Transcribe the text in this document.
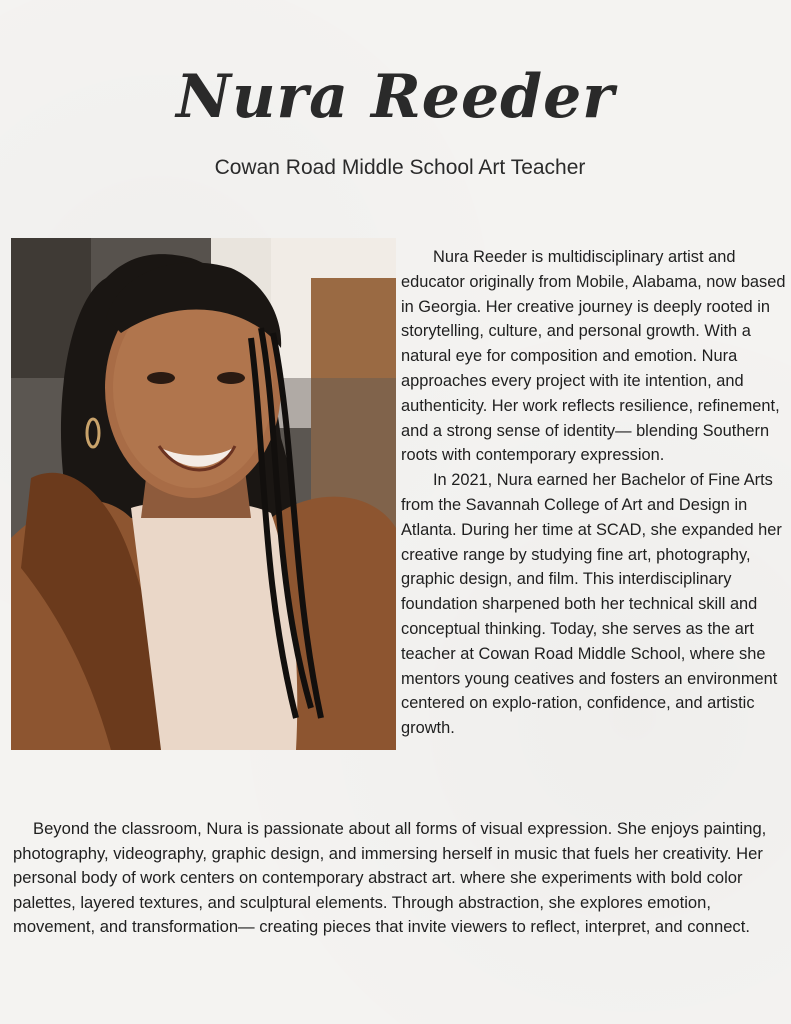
Nura Reeder
Cowan Road Middle School Art Teacher

Nura Reeder is multidisciplinary artist and educator originally from Mobile, Alabama, now based in Georgia. Her creative journey is deeply rooted in storytelling, culture, and personal growth. With a natural eye for composition and emotion. Nura approaches every project with ite intention, and authenticity. Her work reflects resilience, refinement, and a strong sense of identity— blending Southern roots with contemporary expression.

In 2021, Nura earned her Bachelor of Fine Arts from the Savannah College of Art and Design in Atlanta. During her time at SCAD, she expanded her creative range by studying fine art, photography, graphic design, and film. This interdisciplinary foundation sharpened both her technical skill and conceptual thinking. Today, she serves as the art teacher at Cowan Road Middle School, where she mentors young ceatives and fosters an environment centered on explo-ration, confidence, and artistic growth.

Beyond the classroom, Nura is passionate about all forms of visual expression. She enjoys painting, photography, videography, graphic design, and immersing herself in music that fuels her creativity. Her personal body of work centers on contemporary abstract art. where she experiments with bold color palettes, layered textures, and sculptural elements. Through abstraction, she explores emotion, movement, and transformation— creating pieces that invite viewers to reflect, interpret, and connect.
